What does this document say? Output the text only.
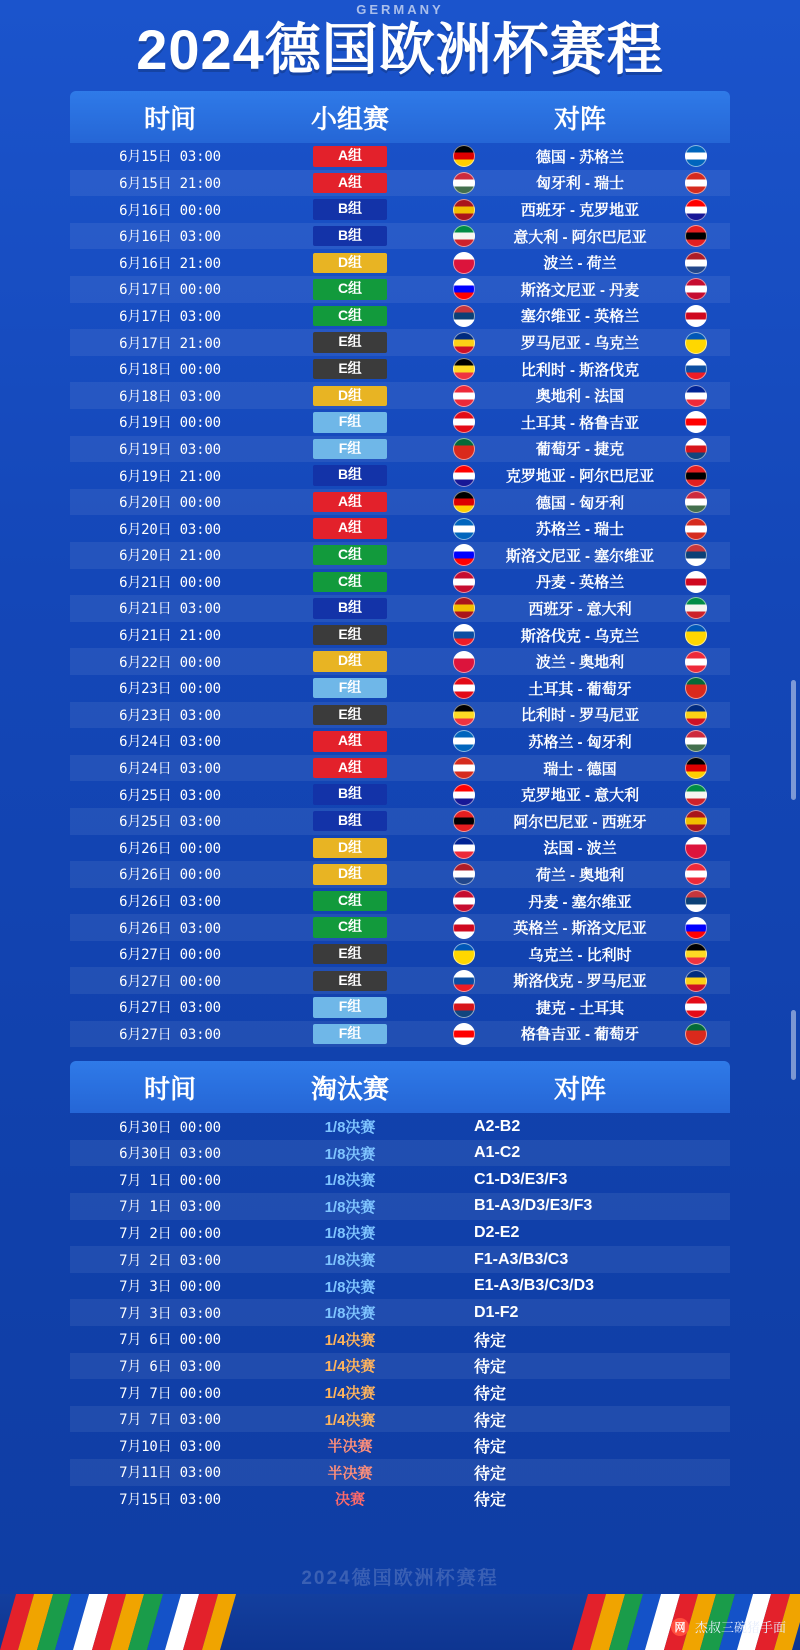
GERMANY
2024德国欧洲杯赛程
时间	小组赛	对阵
6月15日 03:00	A组	德国 - 苏格兰
6月15日 21:00	A组	匈牙利 - 瑞士
6月16日 00:00	B组	西班牙 - 克罗地亚
6月16日 03:00	B组	意大利 - 阿尔巴尼亚
6月16日 21:00	D组	波兰 - 荷兰
6月17日 00:00	C组	斯洛文尼亚 - 丹麦
6月17日 03:00	C组	塞尔维亚 - 英格兰
6月17日 21:00	E组	罗马尼亚 - 乌克兰
6月18日 00:00	E组	比利时 - 斯洛伐克
6月18日 03:00	D组	奥地利 - 法国
6月19日 00:00	F组	土耳其 - 格鲁吉亚
6月19日 03:00	F组	葡萄牙 - 捷克
6月19日 21:00	B组	克罗地亚 - 阿尔巴尼亚
6月20日 00:00	A组	德国 - 匈牙利
6月20日 03:00	A组	苏格兰 - 瑞士
6月20日 21:00	C组	斯洛文尼亚 - 塞尔维亚
6月21日 00:00	C组	丹麦 - 英格兰
6月21日 03:00	B组	西班牙 - 意大利
6月21日 21:00	E组	斯洛伐克 - 乌克兰
6月22日 00:00	D组	波兰 - 奥地利
6月23日 00:00	F组	土耳其 - 葡萄牙
6月23日 03:00	E组	比利时 - 罗马尼亚
6月24日 03:00	A组	苏格兰 - 匈牙利
6月24日 03:00	A组	瑞士 - 德国
6月25日 03:00	B组	克罗地亚 - 意大利
6月25日 03:00	B组	阿尔巴尼亚 - 西班牙
6月26日 00:00	D组	法国 - 波兰
6月26日 00:00	D组	荷兰 - 奥地利
6月26日 03:00	C组	丹麦 - 塞尔维亚
6月26日 03:00	C组	英格兰 - 斯洛文尼亚
6月27日 00:00	E组	乌克兰 - 比利时
6月27日 00:00	E组	斯洛伐克 - 罗马尼亚
6月27日 03:00	F组	捷克 - 土耳其
6月27日 03:00	F组	格鲁吉亚 - 葡萄牙
时间	淘汰赛	对阵
6月30日 00:00	1/8决赛	A2-B2
6月30日 03:00	1/8决赛	A1-C2
7月 1日 00:00	1/8决赛	C1-D3/E3/F3
7月 1日 03:00	1/8决赛	B1-A3/D3/E3/F3
7月 2日 00:00	1/8决赛	D2-E2
7月 2日 03:00	1/8决赛	F1-A3/B3/C3
7月 3日 00:00	1/8决赛	E1-A3/B3/C3/D3
7月 3日 03:00	1/8决赛	D1-F2
7月 6日 00:00	1/4决赛	待定
7月 6日 03:00	1/4决赛	待定
7月 7日 00:00	1/4决赛	待定
7月 7日 03:00	1/4决赛	待定
7月10日 03:00	半决赛	待定
7月11日 03:00	半决赛	待定
7月15日 03:00	决赛	待定
2024德国欧洲杯赛程
网 杰叔三碗猪手面
